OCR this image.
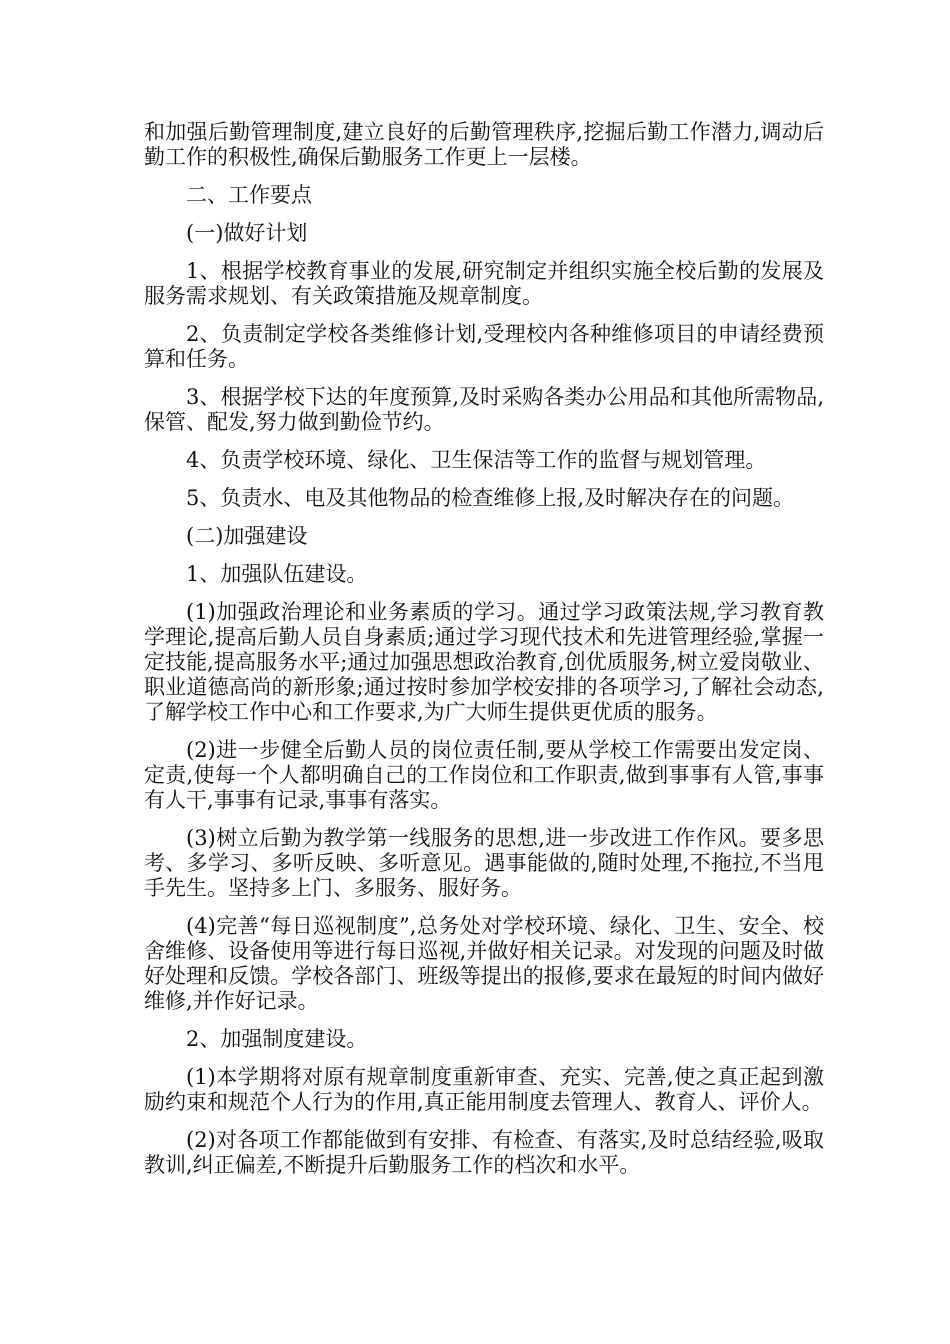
和加强后勤管理制度,建立良好的后勤管理秩序,挖掘后勤工作潜力,调动后勤工作的积极性,确保后勤服务工作更上一层楼。

二、工作要点

(一)做好计划

1、根据学校教育事业的发展,研究制定并组织实施全校后勤的发展及服务需求规划、有关政策措施及规章制度。

2、负责制定学校各类维修计划,受理校内各种维修项目的申请经费预算和任务。

3、根据学校下达的年度预算,及时采购各类办公用品和其他所需物品,保管、配发,努力做到勤俭节约。

4、负责学校环境、绿化、卫生保洁等工作的监督与规划管理。

5、负责水、电及其他物品的检查维修上报,及时解决存在的问题。

(二)加强建设

1、加强队伍建设。

(1)加强政治理论和业务素质的学习。通过学习政策法规,学习教育教学理论,提高后勤人员自身素质;通过学习现代技术和先进管理经验,掌握一定技能,提高服务水平;通过加强思想政治教育,创优质服务,树立爱岗敬业、职业道德高尚的新形象;通过按时参加学校安排的各项学习,了解社会动态,了解学校工作中心和工作要求,为广大师生提供更优质的服务。

(2)进一步健全后勤人员的岗位责任制,要从学校工作需要出发定岗、定责,使每一个人都明确自己的工作岗位和工作职责,做到事事有人管,事事有人干,事事有记录,事事有落实。

(3)树立后勤为教学第一线服务的思想,进一步改进工作作风。要多思考、多学习、多听反映、多听意见。遇事能做的,随时处理,不拖拉,不当甩手先生。坚持多上门、多服务、服好务。

(4)完善“每日巡视制度”,总务处对学校环境、绿化、卫生、安全、校舍维修、设备使用等进行每日巡视,并做好相关记录。对发现的问题及时做好处理和反馈。学校各部门、班级等提出的报修,要求在最短的时间内做好维修,并作好记录。

2、加强制度建设。

(1)本学期将对原有规章制度重新审查、充实、完善,使之真正起到激励约束和规范个人行为的作用,真正能用制度去管理人、教育人、评价人。

(2)对各项工作都能做到有安排、有检查、有落实,及时总结经验,吸取教训,纠正偏差,不断提升后勤服务工作的档次和水平。
